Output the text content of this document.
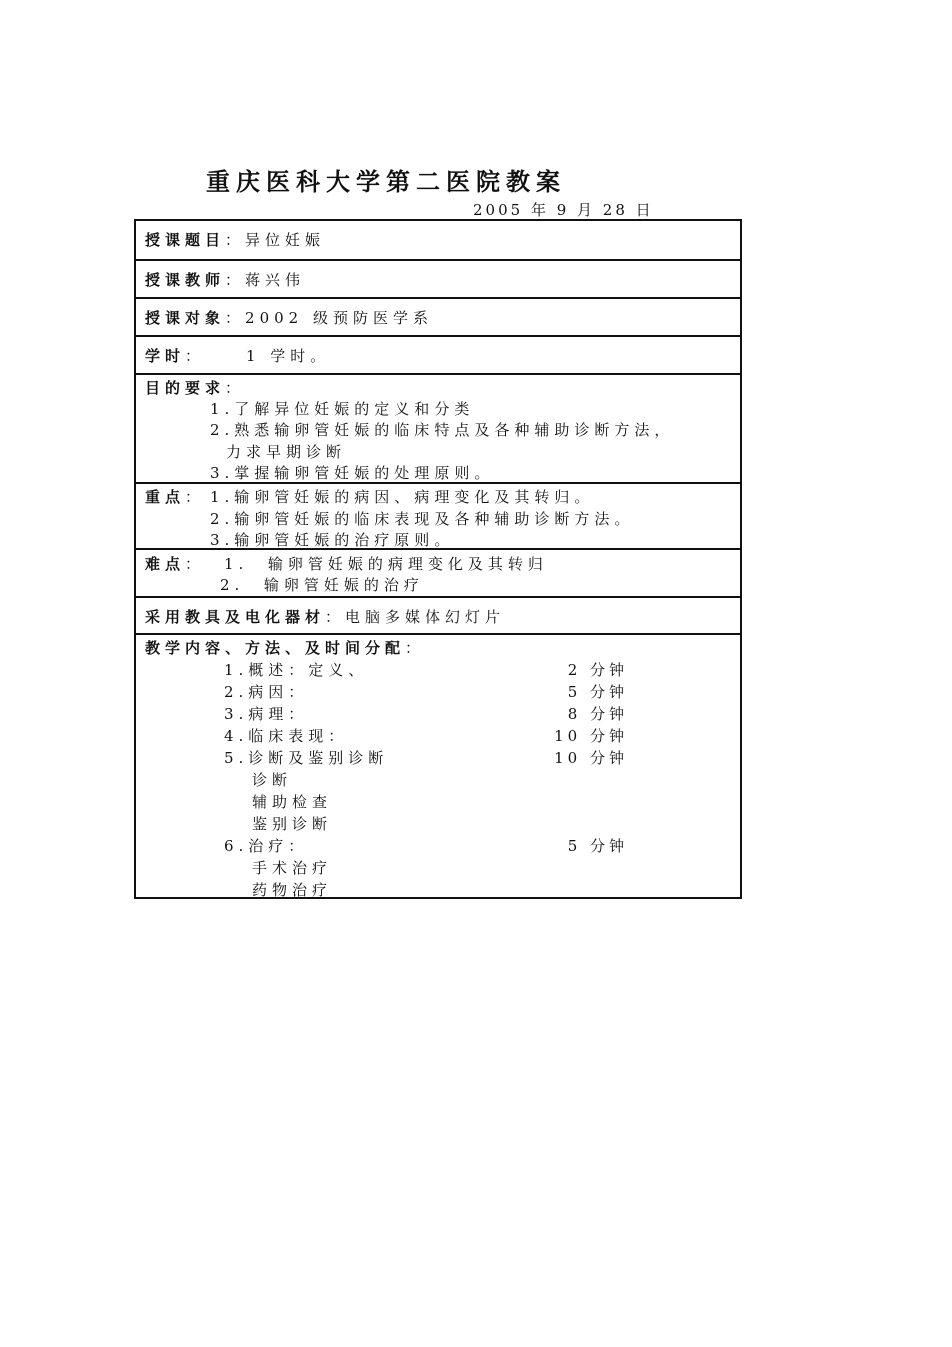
重庆医科大学第二医院教案
2005 年 9 月 28 日
授课题目：异位妊娠
授课教师：蒋兴伟
授课对象：2002 级预防医学系
学时：	1 学时。
目的要求：
1.了解异位妊娠的定义和分类
2.熟悉输卵管妊娠的临床特点及各种辅助诊断方法，
力求早期诊断
3.掌握输卵管妊娠的处理原则。
重点： 1.输卵管妊娠的病因、病理变化及其转归。
2.输卵管妊娠的临床表现及各种辅助诊断方法。
3.输卵管妊娠的治疗原则。
难点： 1.  输卵管妊娠的病理变化及其转归
2.  输卵管妊娠的治疗
采用教具及电化器材：电脑多媒体幻灯片
教学内容、方法、及时间分配：
1.概述：定义、	2 分钟
2.病因：	5 分钟
3.病理：	8 分钟
4.临床表现：	10 分钟
5.诊断及鉴别诊断	10 分钟
诊断
辅助检查
鉴别诊断
6.治疗：	5 分钟
手术治疗
药物治疗
